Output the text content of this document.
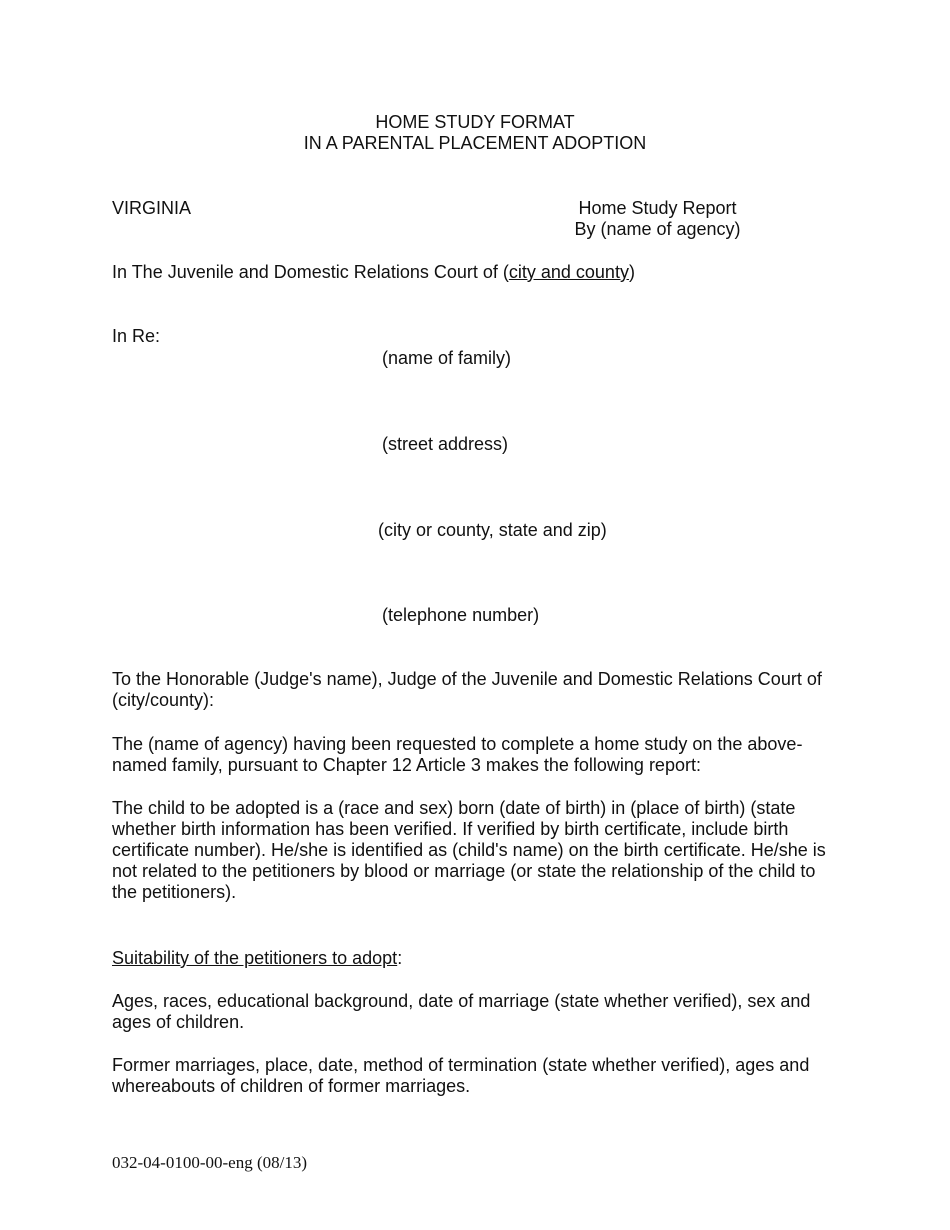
HOME STUDY FORMAT
IN A PARENTAL PLACEMENT ADOPTION
VIRGINIA	Home Study Report
By (name of agency)
In The Juvenile and Domestic Relations Court of (city and county)
In Re:
(name of family)
(street address)
(city or county, state and zip)
(telephone number)

To the Honorable (Judge's name), Judge of the Juvenile and Domestic Relations Court of (city/county):

The (name of agency) having been requested to complete a home study on the above-named family, pursuant to Chapter 12 Article 3 makes the following report:

The child to be adopted is a (race and sex) born (date of birth) in (place of birth) (state whether birth information has been verified. If verified by birth certificate, include birth certificate number). He/she is identified as (child's name) on the birth certificate. He/she is not related to the petitioners by blood or marriage (or state the relationship of the child to the petitioners).

Suitability of the petitioners to adopt:

Ages, races, educational background, date of marriage (state whether verified), sex and ages of children.

Former marriages, place, date, method of termination (state whether verified), ages and whereabouts of children of former marriages.

032-04-0100-00-eng (08/13)
